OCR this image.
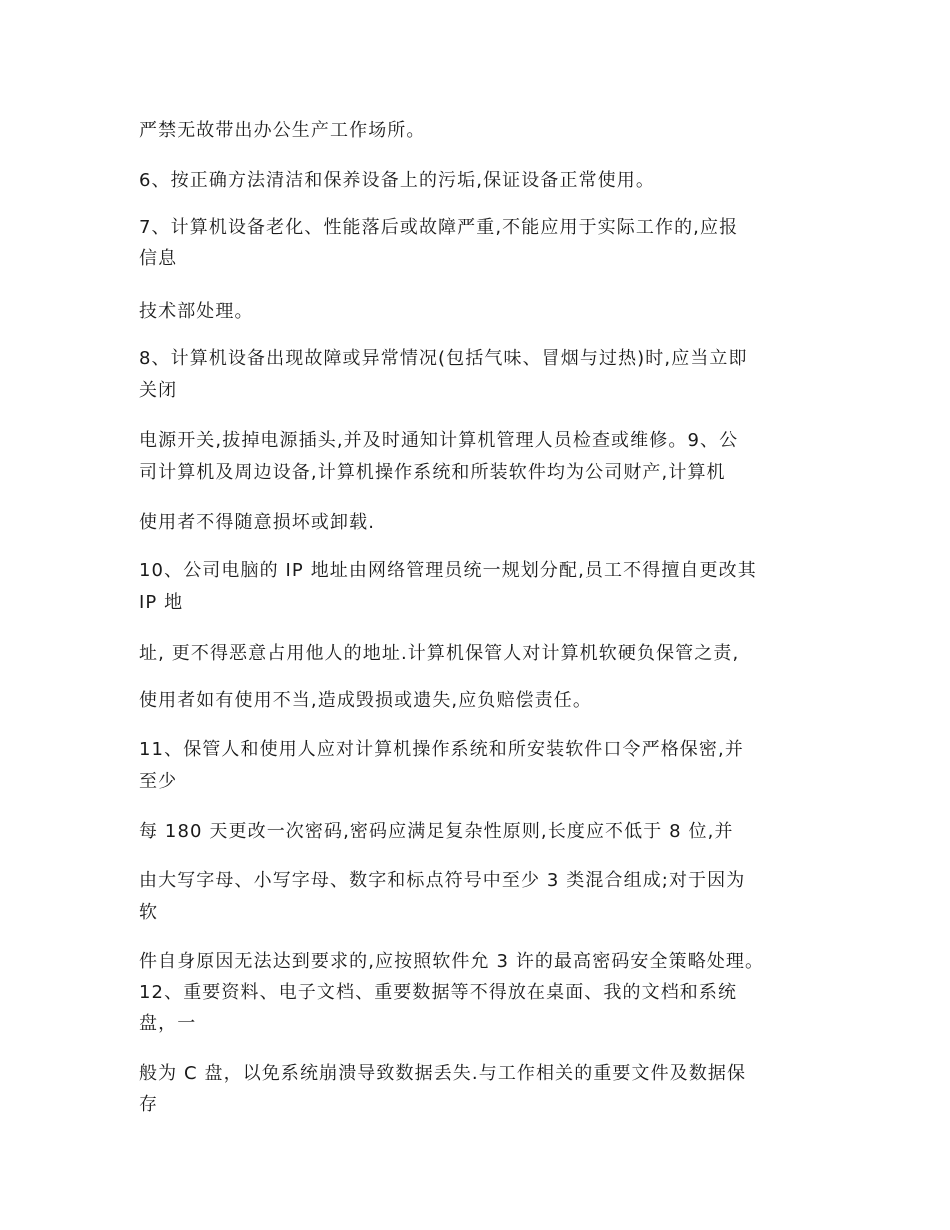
严禁无故带出办公生产工作场所。
6、按正确方法清洁和保养设备上的污垢,保证设备正常使用。
7、计算机设备老化、性能落后或故障严重,不能应用于实际工作的,应报
信息
技术部处理。
8、计算机设备出现故障或异常情况(包括气味、冒烟与过热)时,应当立即
关闭
电源开关,拔掉电源插头,并及时通知计算机管理人员检查或维修。9、公
司计算机及周边设备,计算机操作系统和所装软件均为公司财产,计算机
使用者不得随意损坏或卸载.
10、公司电脑的 IP 地址由网络管理员统一规划分配,员工不得擅自更改其
IP 地
址, 更不得恶意占用他人的地址.计算机保管人对计算机软硬负保管之责,
使用者如有使用不当,造成毁损或遗失,应负赔偿责任。
11、保管人和使用人应对计算机操作系统和所安装软件口令严格保密,并
至少
每 180 天更改一次密码,密码应满足复杂性原则,长度应不低于 8 位,并
由大写字母、小写字母、数字和标点符号中至少 3 类混合组成;对于因为
软
件自身原因无法达到要求的,应按照软件允 3 许的最高密码安全策略处理。
12、重要资料、电子文档、重要数据等不得放在桌面、我的文档和系统
盘，一
般为 C 盘，以免系统崩溃导致数据丢失.与工作相关的重要文件及数据保
存
